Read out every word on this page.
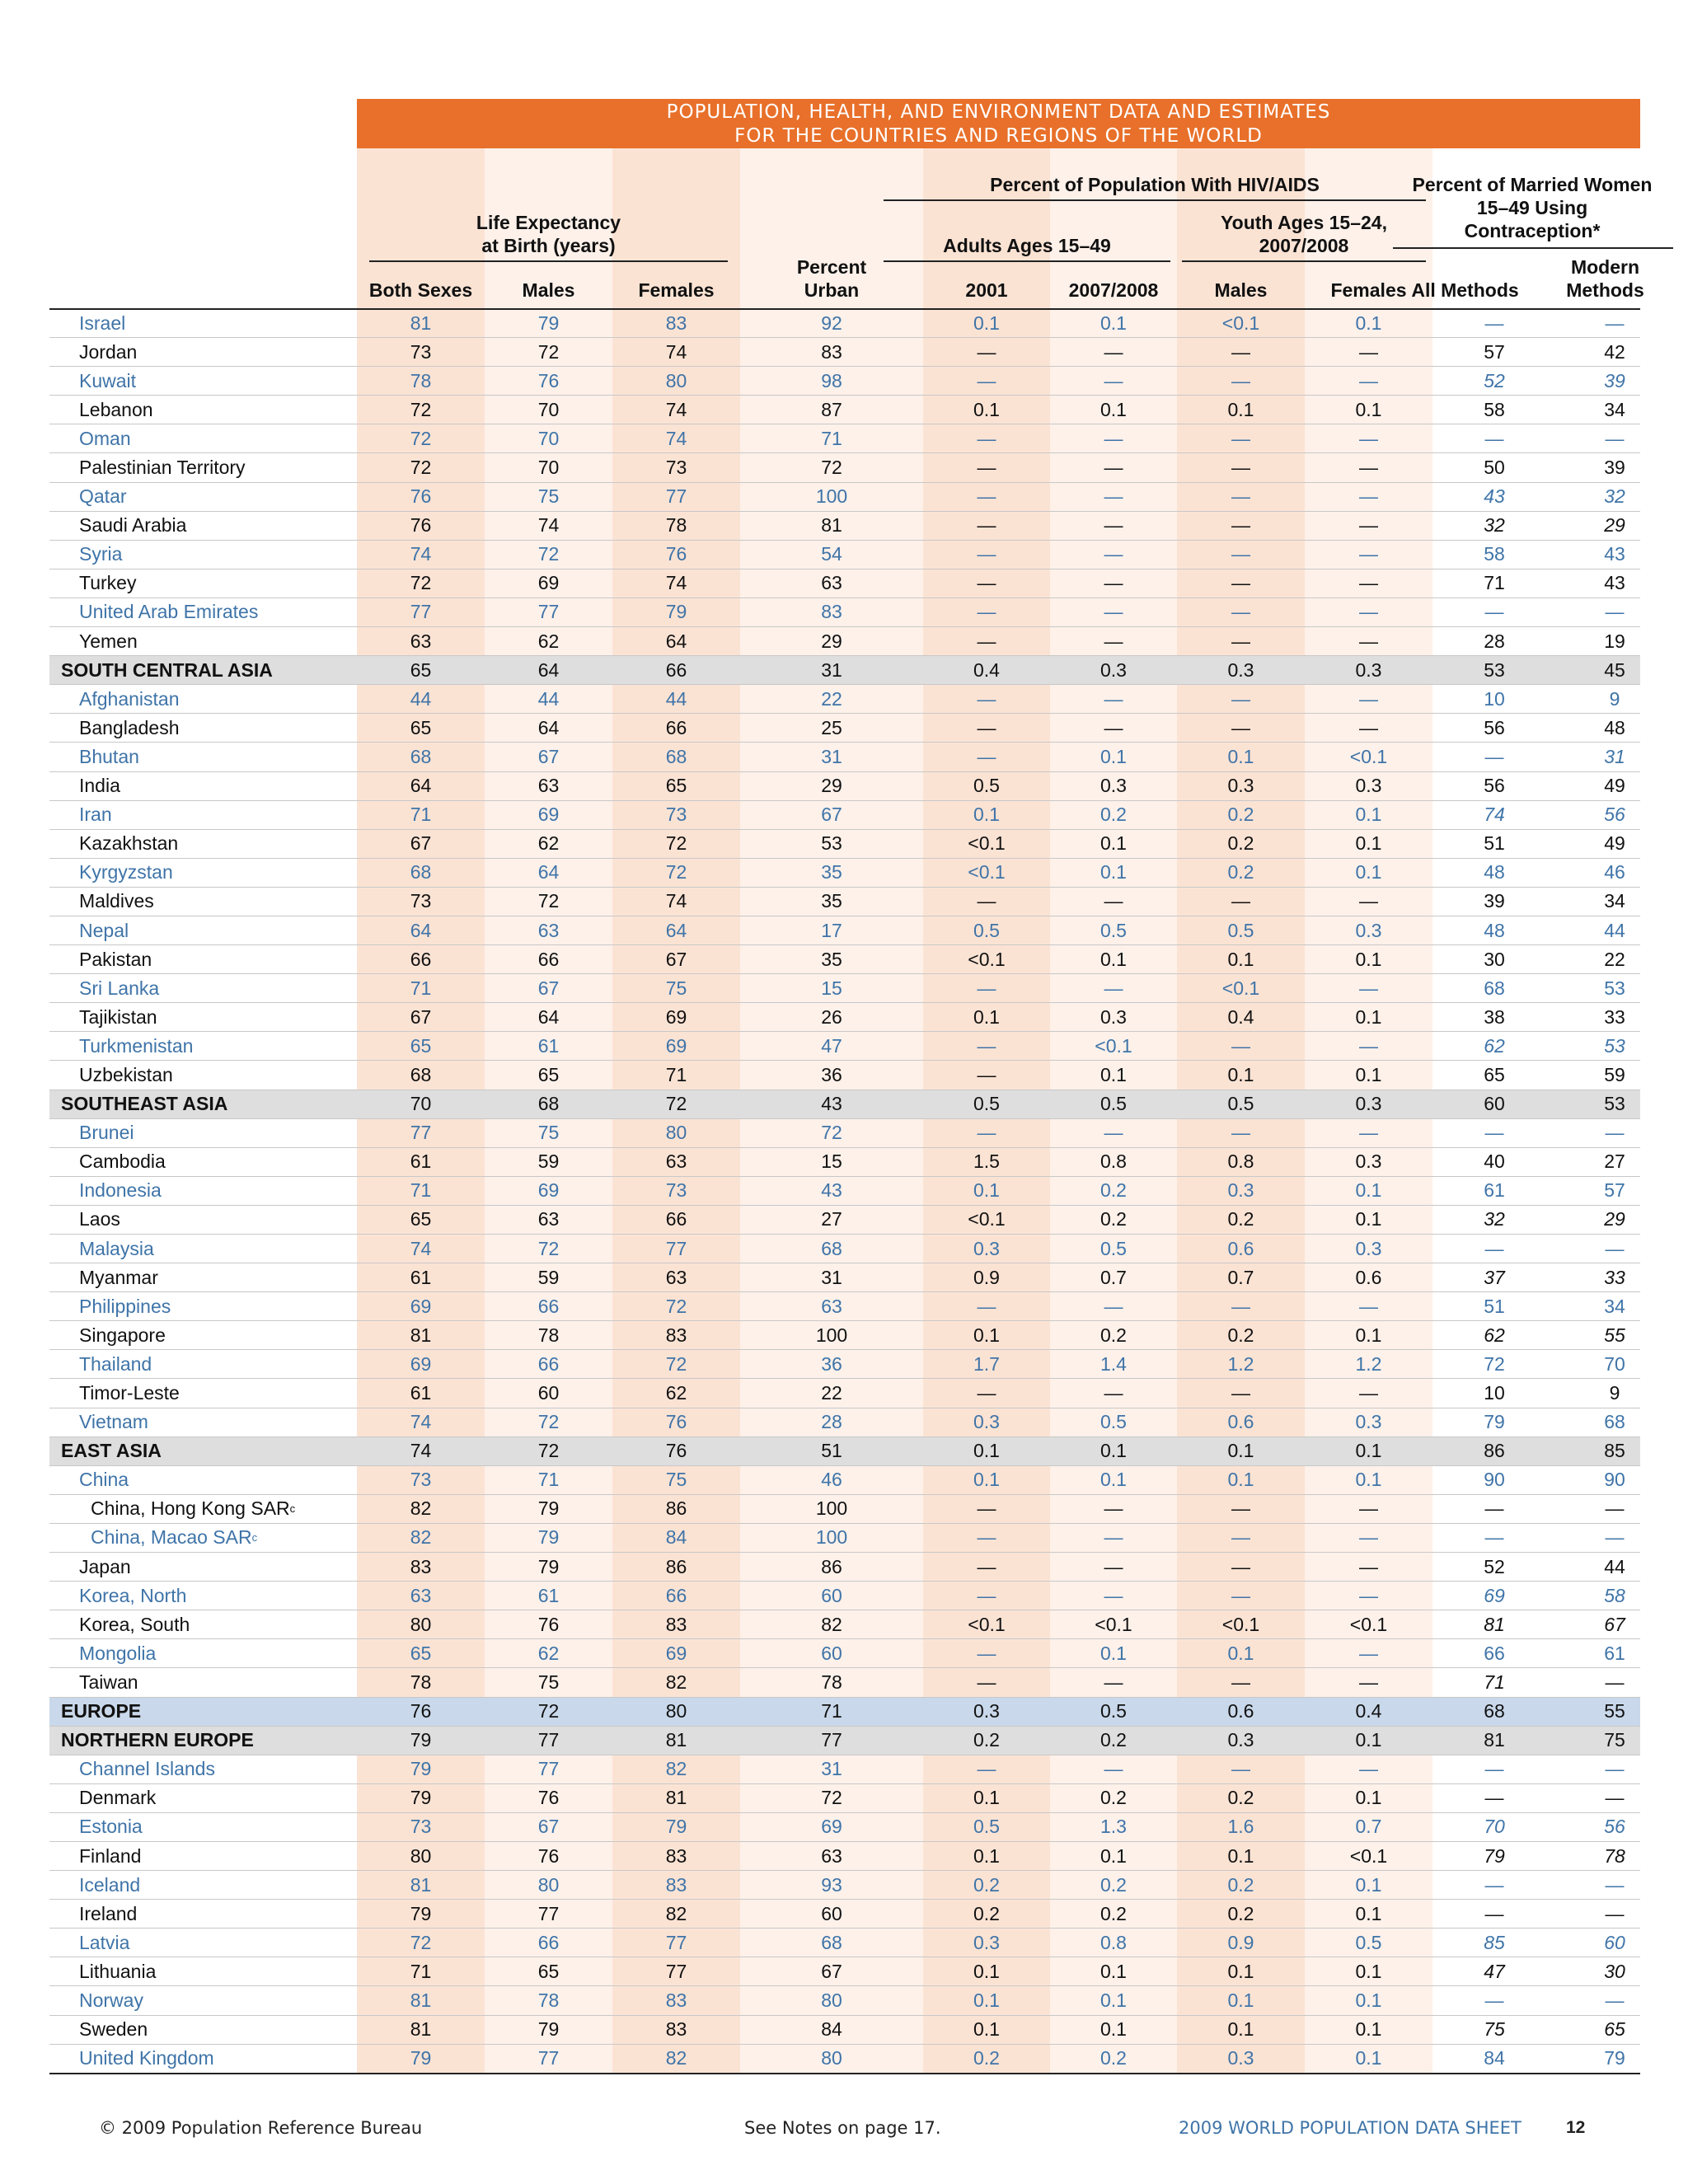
POPULATION, HEALTH, AND ENVIRONMENT DATA AND ESTIMATES
FOR THE COUNTRIES AND REGIONS OF THE WORLD
Life Expectancy
at Birth (years)
Both Sexes	Males	Females
Percent
Urban
Percent of Population With HIV/AIDS
Adults Ages 15–49
Youth Ages 15–24,
2007/2008
2001	2007/2008	Males	Females
Percent of Married Women
15–49 Using
Contraception*
All Methods
Modern
Methods
Israel	81	79	83	92	0.1	0.1	<0.1	0.1	—	—
Jordan	73	72	74	83	—	—	—	—	57	42
Kuwait	78	76	80	98	—	—	—	—	52	39
Lebanon	72	70	74	87	0.1	0.1	0.1	0.1	58	34
Oman	72	70	74	71	—	—	—	—	—	—
Palestinian Territory	72	70	73	72	—	—	—	—	50	39
Qatar	76	75	77	100	—	—	—	—	43	32
Saudi Arabia	76	74	78	81	—	—	—	—	32	29
Syria	74	72	76	54	—	—	—	—	58	43
Turkey	72	69	74	63	—	—	—	—	71	43
United Arab Emirates	77	77	79	83	—	—	—	—	—	—
Yemen	63	62	64	29	—	—	—	—	28	19
SOUTH CENTRAL ASIA	65	64	66	31	0.4	0.3	0.3	0.3	53	45
Afghanistan	44	44	44	22	—	—	—	—	10	9
Bangladesh	65	64	66	25	—	—	—	—	56	48
Bhutan	68	67	68	31	—	0.1	0.1	<0.1	—	31
India	64	63	65	29	0.5	0.3	0.3	0.3	56	49
Iran	71	69	73	67	0.1	0.2	0.2	0.1	74	56
Kazakhstan	67	62	72	53	<0.1	0.1	0.2	0.1	51	49
Kyrgyzstan	68	64	72	35	<0.1	0.1	0.2	0.1	48	46
Maldives	73	72	74	35	—	—	—	—	39	34
Nepal	64	63	64	17	0.5	0.5	0.5	0.3	48	44
Pakistan	66	66	67	35	<0.1	0.1	0.1	0.1	30	22
Sri Lanka	71	67	75	15	—	—	<0.1	—	68	53
Tajikistan	67	64	69	26	0.1	0.3	0.4	0.1	38	33
Turkmenistan	65	61	69	47	—	<0.1	—	—	62	53
Uzbekistan	68	65	71	36	—	0.1	0.1	0.1	65	59
SOUTHEAST ASIA	70	68	72	43	0.5	0.5	0.5	0.3	60	53
Brunei	77	75	80	72	—	—	—	—	—	—
Cambodia	61	59	63	15	1.5	0.8	0.8	0.3	40	27
Indonesia	71	69	73	43	0.1	0.2	0.3	0.1	61	57
Laos	65	63	66	27	<0.1	0.2	0.2	0.1	32	29
Malaysia	74	72	77	68	0.3	0.5	0.6	0.3	—	—
Myanmar	61	59	63	31	0.9	0.7	0.7	0.6	37	33
Philippines	69	66	72	63	—	—	—	—	51	34
Singapore	81	78	83	100	0.1	0.2	0.2	0.1	62	55
Thailand	69	66	72	36	1.7	1.4	1.2	1.2	72	70
Timor-Leste	61	60	62	22	—	—	—	—	10	9
Vietnam	74	72	76	28	0.3	0.5	0.6	0.3	79	68
EAST ASIA	74	72	76	51	0.1	0.1	0.1	0.1	86	85
China	73	71	75	46	0.1	0.1	0.1	0.1	90	90
China, Hong Kong SAR c	82	79	86	100	—	—	—	—	—	—
China, Macao SAR c	82	79	84	100	—	—	—	—	—	—
Japan	83	79	86	86	—	—	—	—	52	44
Korea, North	63	61	66	60	—	—	—	—	69	58
Korea, South	80	76	83	82	<0.1	<0.1	<0.1	<0.1	81	67
Mongolia	65	62	69	60	—	0.1	0.1	—	66	61
Taiwan	78	75	82	78	—	—	—	—	71	—
EUROPE	76	72	80	71	0.3	0.5	0.6	0.4	68	55
NORTHERN EUROPE	79	77	81	77	0.2	0.2	0.3	0.1	81	75
Channel Islands	79	77	82	31	—	—	—	—	—	—
Denmark	79	76	81	72	0.1	0.2	0.2	0.1	—	—
Estonia	73	67	79	69	0.5	1.3	1.6	0.7	70	56
Finland	80	76	83	63	0.1	0.1	0.1	<0.1	79	78
Iceland	81	80	83	93	0.2	0.2	0.2	0.1	—	—
Ireland	79	77	82	60	0.2	0.2	0.2	0.1	—	—
Latvia	72	66	77	68	0.3	0.8	0.9	0.5	85	60
Lithuania	71	65	77	67	0.1	0.1	0.1	0.1	47	30
Norway	81	78	83	80	0.1	0.1	0.1	0.1	—	—
Sweden	81	79	83	84	0.1	0.1	0.1	0.1	75	65
United Kingdom	79	77	82	80	0.2	0.2	0.3	0.1	84	79
© 2009 Population Reference Bureau	See Notes on page 17.	2009 WORLD POPULATION DATA SHEET	12
